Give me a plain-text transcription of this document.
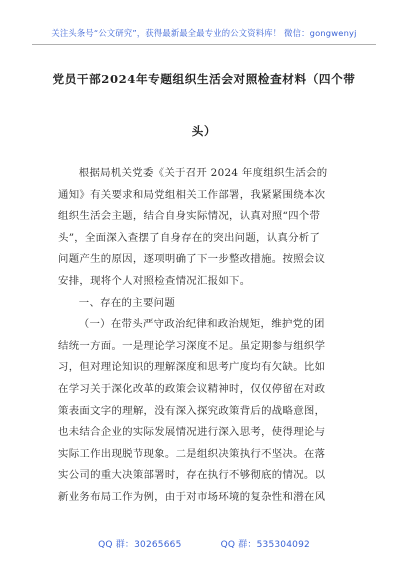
关注头条号“公文研究”，获得最新最全最专业的公文资料库！ 微信：gongwenyj
党员干部2024年专题组织生活会对照检查材料（四个带
头）
根据局机关党委《关于召开 2024 年度组织生活会的
通知》有关要求和局党组相关工作部署，我紧紧围绕本次
组织生活会主题，结合自身实际情况，认真对照“四个带
头”，全面深入查摆了自身存在的突出问题，认真分析了
问题产生的原因，逐项明确了下一步整改措施。按照会议
安排，现将个人对照检查情况汇报如下。
一、存在的主要问题
（一）在带头严守政治纪律和政治规矩，维护党的团
结统一方面。一是理论学习深度不足。虽定期参与组织学
习，但对理论知识的理解深度和思考广度均有欠缺。比如
在学习关于深化改革的政策会议精神时，仅仅停留在对政
策表面文字的理解，没有深入探究政策背后的战略意图，
也未结合企业的实际发展情况进行深入思考，使得理论与
实际工作出现脱节现象。二是组织决策执行不坚决。在落
实公司的重大决策部署时，存在执行不够彻底的情况。以
新业务布局工作为例，由于对市场环境的复杂性和潜在风
QQ 群：30265665	QQ 群：535304092
